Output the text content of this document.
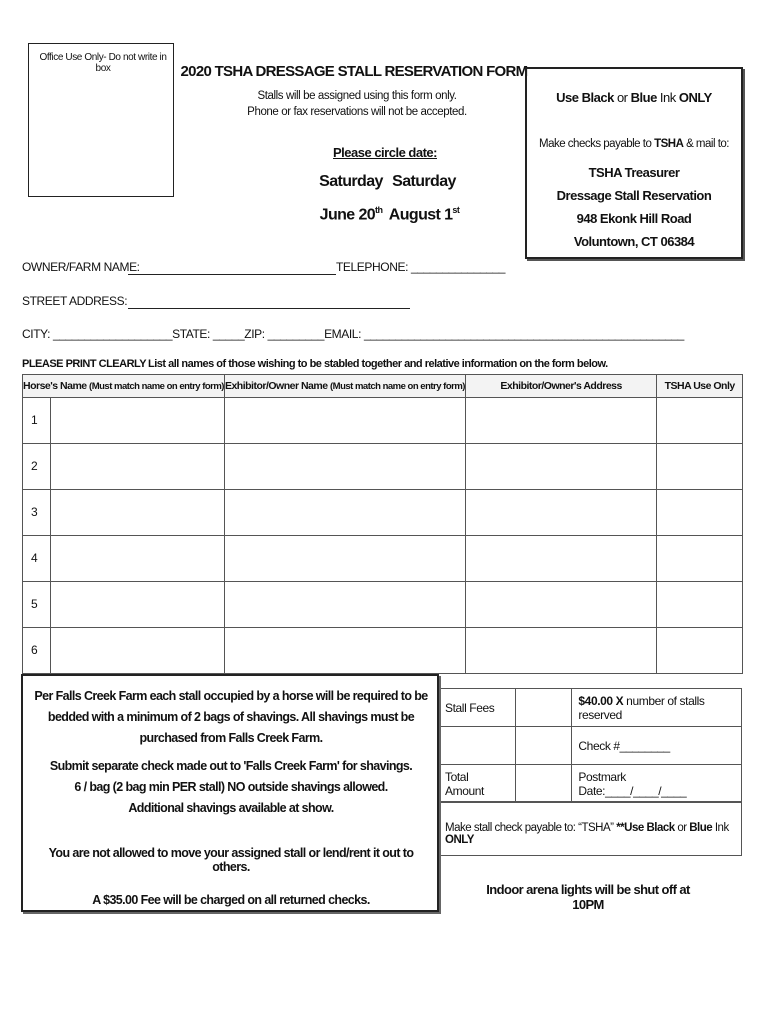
Office Use Only- Do not write in box	2020 TSHA DRESSAGE STALL RESERVATION FORM
Stalls will be assigned using this form only.
Phone or fax reservations will not be accepted.
Please circle date:
Saturday
June 20th
Saturday
August 1st
Use Black or Blue Ink ONLY
Make checks payable to TSHA & mail to:
TSHA Treasurer
Dressage Stall Reservation
948 Ekonk Hill Road
Voluntown, CT 06384
OWNER/FARM NAME:	TELEPHONE: _______________
STREET ADDRESS:
CITY: ___________________STATE: _____ZIP: _________EMAIL: ___________________________________________________
PLEASE PRINT CLEARLY List all names of those wishing to be stabled together and relative information on the form below.
Horse's Name (Must match name on entry form)	Exhibitor/Owner Name (Must match name on entry form)	Exhibitor/Owner's Address	TSHA Use Only

1			

2			

3			

4			

5			

6			

Stall Fees		$40.00 X number of stalls reserved
		Check #________
Total Amount		Postmark Date:____/____/____
Make stall check payable to: “TSHA” **Use Black or Blue Ink ONLY
Per Falls Creek Farm each stall occupied by a horse will be required to be bedded with a minimum of 2 bags of shavings. All shavings must be purchased from Falls Creek Farm.
Submit separate check made out to 'Falls Creek Farm' for shavings.
6 / bag (2 bag min PER stall) NO outside shavings allowed.
Additional shavings available at show.
You are not allowed to move your assigned stall or lend/rent it out to others.
A $35.00 Fee will be charged on all returned checks.
Indoor arena lights will be shut off at 10PM
